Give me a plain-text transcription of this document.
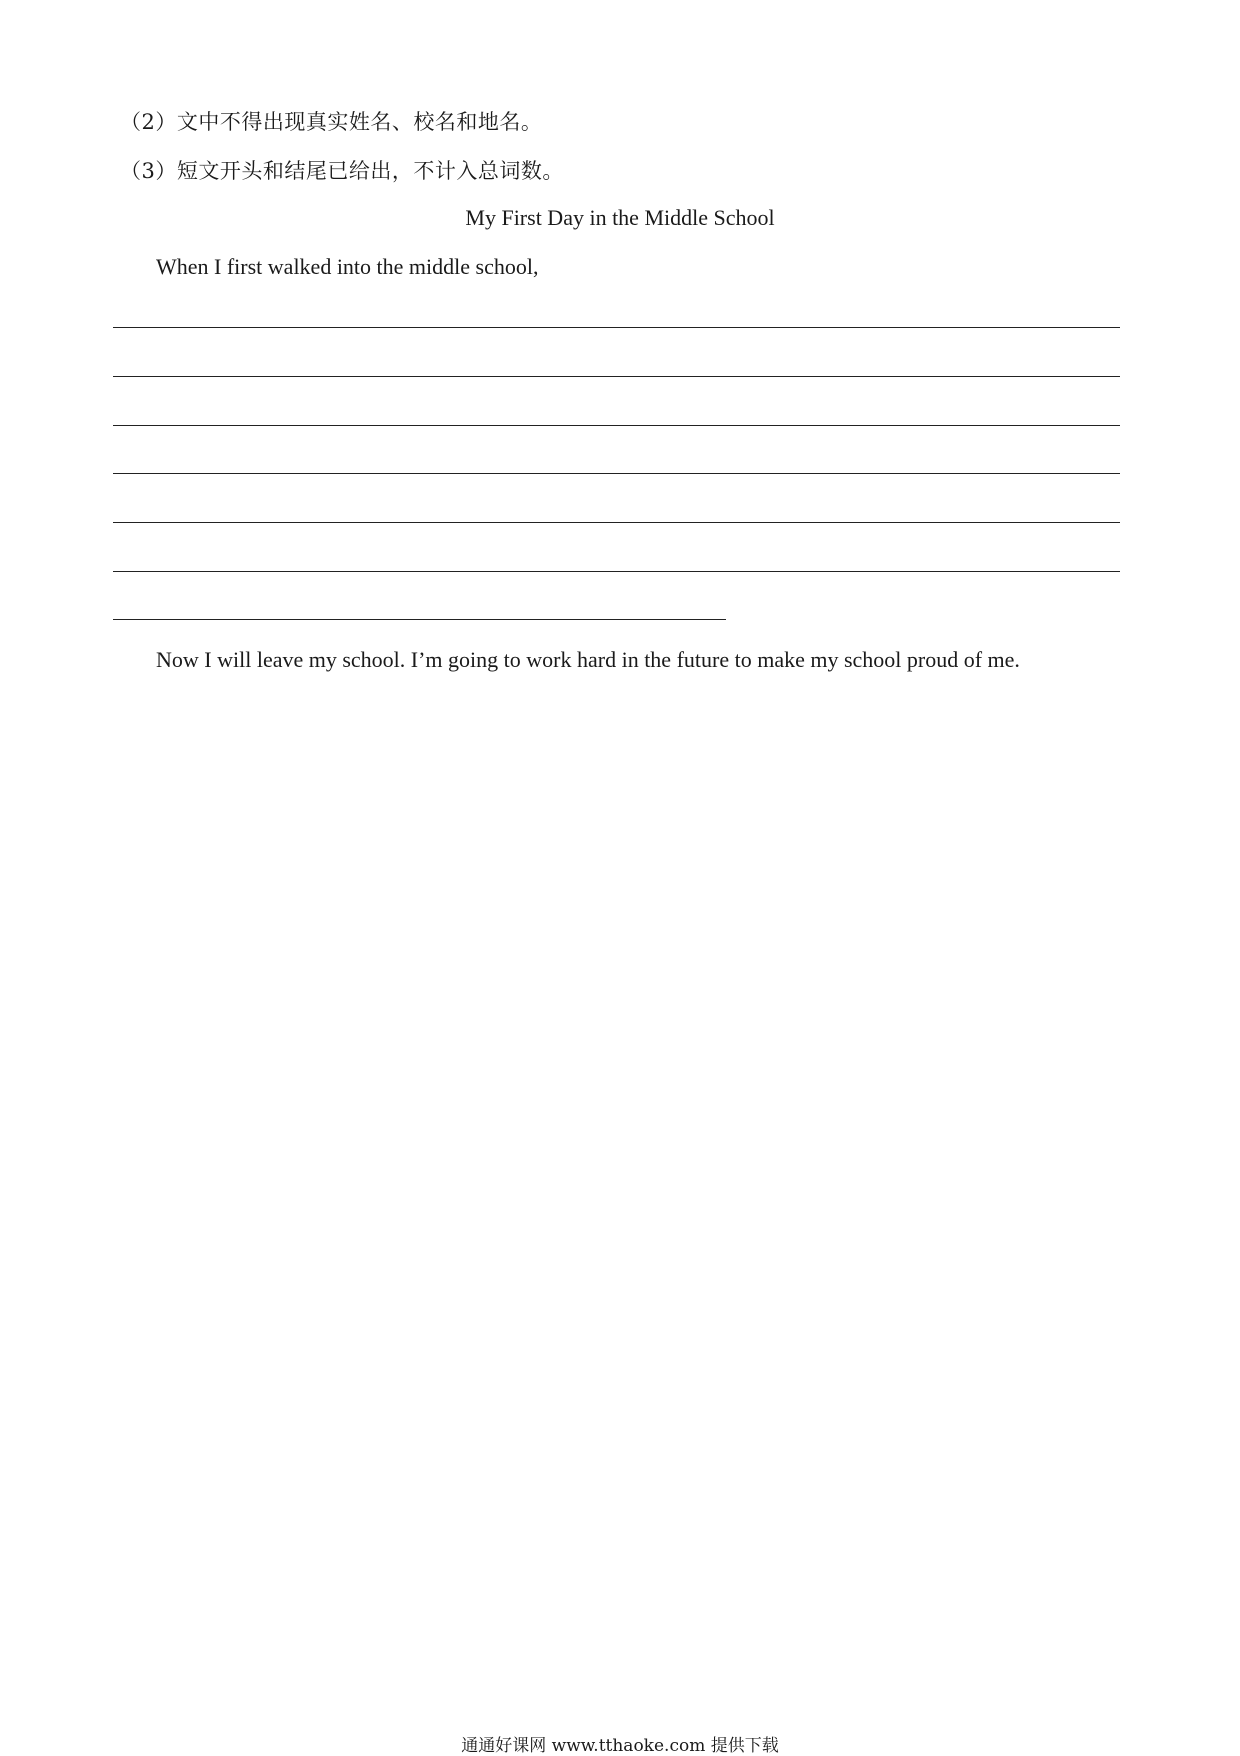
（2）文中不得出现真实姓名、校名和地名。
（3）短文开头和结尾已给出，不计入总词数。
My First Day in the Middle School
When I first walked into the middle school,
Now I will leave my school. I’m going to work hard in the future to make my school proud of me.
通通好课网 www.tthaoke.com 提供下载
